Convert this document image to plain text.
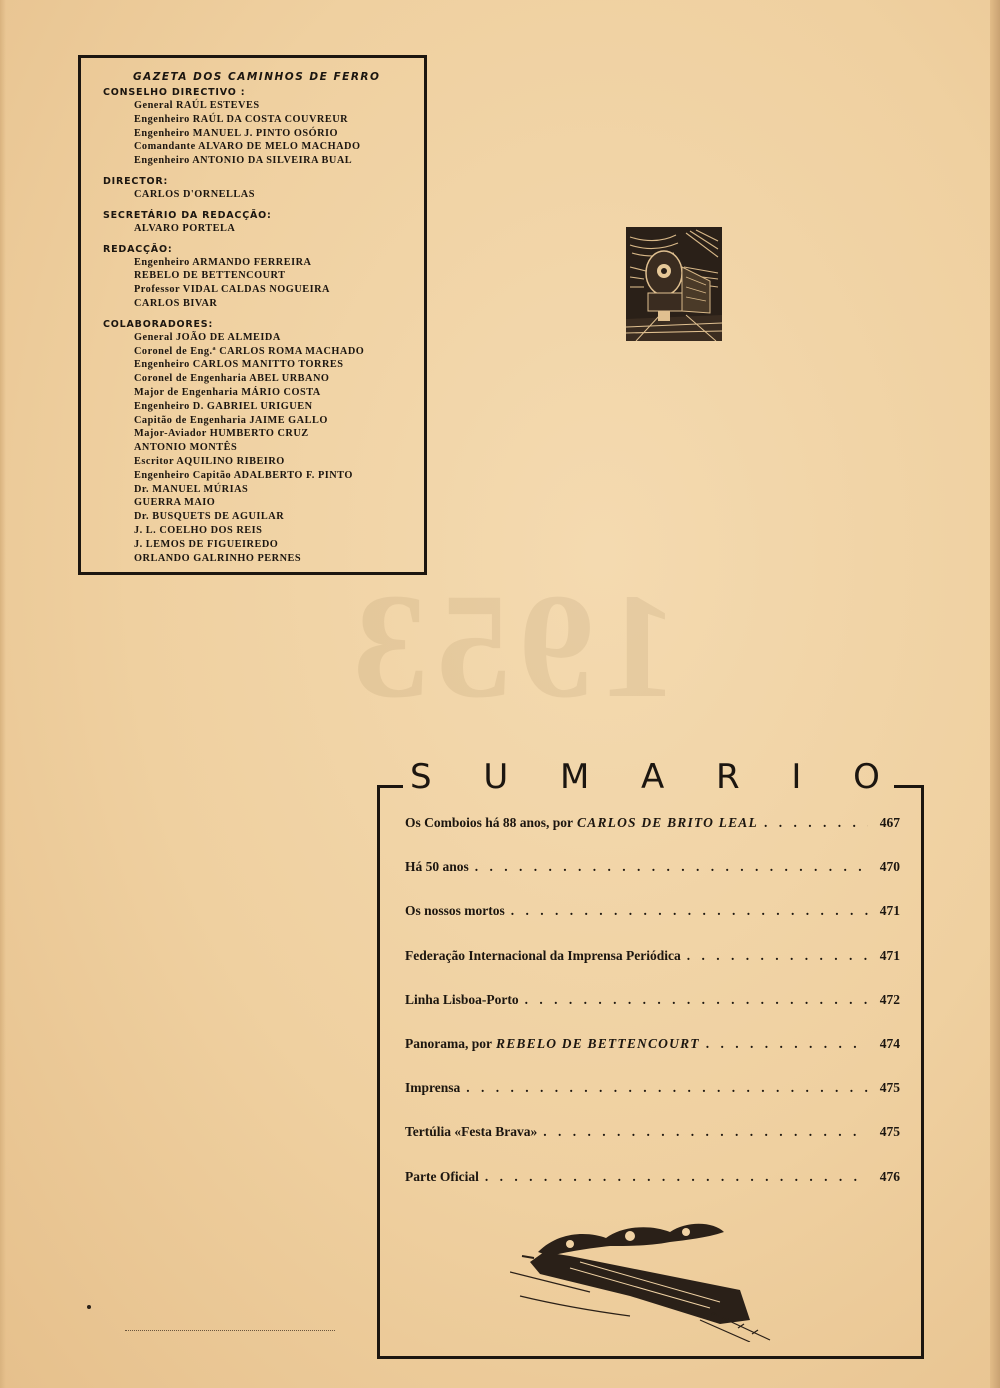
1953
GAZETA DOS CAMINHOS DE FERRO
CONSELHO DIRECTIVO :
General RAÚL ESTEVES
Engenheiro RAÚL DA COSTA COUVREUR
Engenheiro MANUEL J. PINTO OSÓRIO
Comandante ALVARO DE MELO MACHADO
Engenheiro ANTONIO DA SILVEIRA BUAL
DIRECTOR:
CARLOS D'ORNELLAS
SECRETÁRIO DA REDACÇÃO:
ALVARO PORTELA
REDACÇÃO:
Engenheiro ARMANDO FERREIRA
REBELO DE BETTENCOURT
Professor VIDAL CALDAS NOGUEIRA
CARLOS BIVAR
COLABORADORES:
General JOÃO DE ALMEIDA
Coronel de Eng.ª CARLOS ROMA MACHADO
Engenheiro CARLOS MANITTO TORRES
Coronel de Engenharia ABEL URBANO
Major de Engenharia MÁRIO COSTA
Engenheiro D. GABRIEL URIGUEN
Capitão de Engenharia JAIME GALLO
Major-Aviador HUMBERTO CRUZ
ANTONIO MONTÊS
Escritor AQUILINO RIBEIRO
Engenheiro Capitão ADALBERTO F. PINTO
Dr. MANUEL MÚRIAS
GUERRA MAIO
Dr. BUSQUETS DE AGUILAR
J. L. COELHO DOS REIS
J. LEMOS DE FIGUEIREDO
ORLANDO GALRINHO PERNES
S U M A R I O
Os Comboios há 88 anos, por CARLOS DE BRITO LEAL . . .	467
Há 50 anos . . .	470
Os nossos mortos . . .	471
Federação Internacional da Imprensa Periódica . . .	471
Linha Lisboa-Porto . . .	472
Panorama, por REBELO DE BETTENCOURT . . .	474
Imprensa . . .	475
Tertúlia «Festa Brava» . . .	475
Parte Oficial . . .	476
